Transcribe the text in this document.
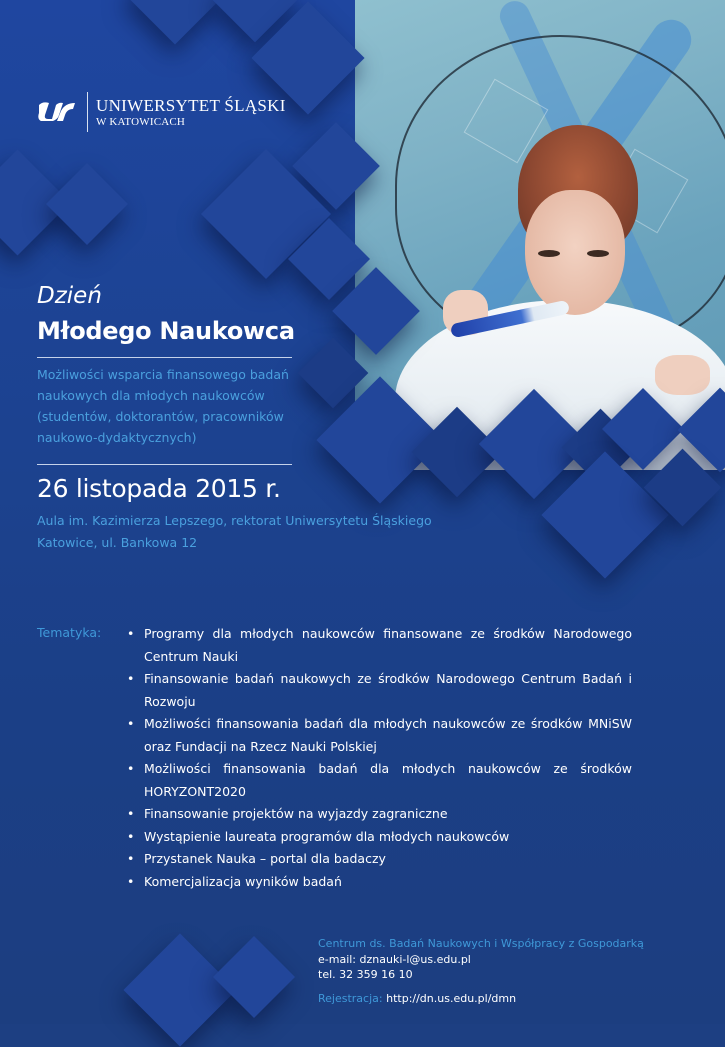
UNIWERSYTET ŚLĄSKI
W KATOWICACH
Dzień
Młodego Naukowca
Możliwości wsparcia finansowego badań naukowych dla młodych naukowców (studentów, doktorantów, pracowników naukowo-dydaktycznych)
26 listopada 2015 r.
Aula im. Kazimierza Lepszego, rektorat Uniwersytetu Śląskiego
Katowice, ul. Bankowa 12
Tematyka:	• Programy dla młodych naukowców finansowane ze środków Narodowego Centrum Nauki
• Finansowanie badań naukowych ze środków Narodowego Centrum Badań i Rozwoju
• Możliwości finansowania badań dla młodych naukowców ze środków MNiSW oraz Fundacji na Rzecz Nauki Polskiej
• Możliwości finansowania badań dla młodych naukowców ze środków HORYZONT2020
• Finansowanie projektów na wyjazdy zagraniczne
• Wystąpienie laureata programów dla młodych naukowców
• Przystanek Nauka – portal dla badaczy
• Komercjalizacja wyników badań
Centrum ds. Badań Naukowych i Współpracy z Gospodarką
e-mail: dznauki-l@us.edu.pl
tel. 32 359 16 10
Rejestracja: http://dn.us.edu.pl/dmn
